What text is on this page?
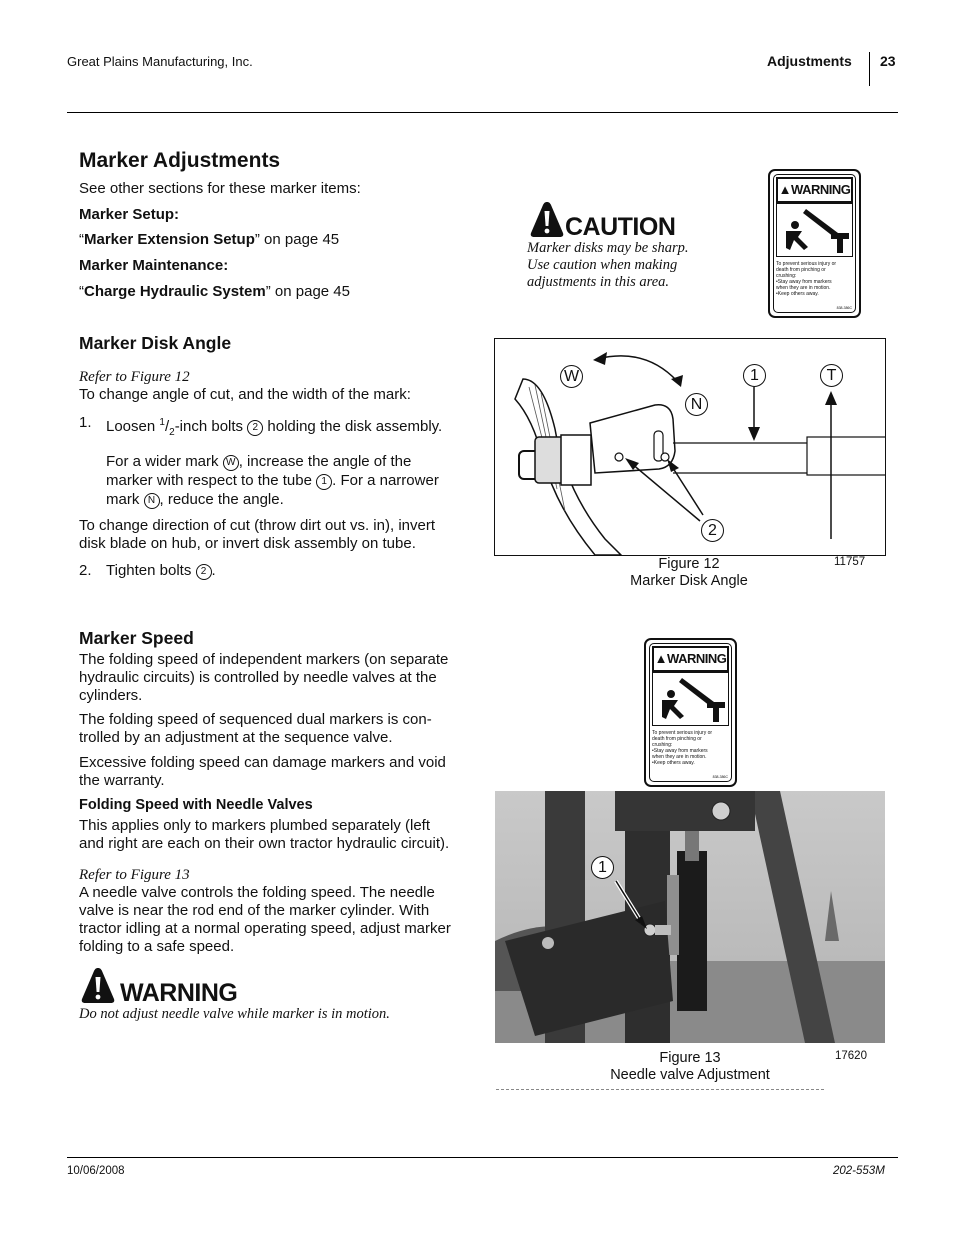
Great Plains Manufacturing, Inc.	Adjustments 23
Marker Adjustments
See other sections for these marker items:
Marker Setup:
“Marker Extension Setup” on page 45
Marker Maintenance:
“Charge Hydraulic System” on page 45
Marker Disk Angle
Refer to Figure 12
To change angle of cut, and the width of the mark:
1. Loosen $^1/_2$-inch bolts 2 holding the disk assembly.
For a wider mark W , increase the angle of the
marker with respect to the tube 1 . For a narrower
mark N , reduce the angle.
To change direction of cut (throw dirt out vs. in), invert
disk blade on hub, or invert disk assembly on tube.
2. Tighten bolts 2 .
Marker Speed
The folding speed of independent markers (on separate
hydraulic circuits) is controlled by needle valves at the
cylinders.
The folding speed of sequenced dual markers is con-
trolled by an adjustment at the sequence valve.
Excessive folding speed can damage markers and void
the warranty.
Folding Speed with Needle Valves
This applies only to markers plumbed separately (left
and right are each on their own tractor hydraulic circuit).
Refer to Figure 13
A needle valve controls the folding speed. The needle
valve is near the rod end of the marker cylinder. With
tractor idling at a normal operating speed, adjust marker
folding to a safe speed.
WARNING
Do not adjust needle valve while marker is in motion.
CAUTION
Marker disks may be sharp.
Use caution when making
adjustments in this area.
▲WARNING
To prevent serious injury or
death from pinching or
crushing:
•Stay away from markers
when they are in motion.
•Keep others away.
838-386C
W
N
1	T
2
Figure 12
Marker Disk Angle
11757
▲WARNING
To prevent serious injury or
death from pinching or
crushing:
•Stay away from markers
when they are in motion.
•Keep others away.
838-386C
1
Figure 13
Needle valve Adjustment
17620
10/06/2008	202-553M
